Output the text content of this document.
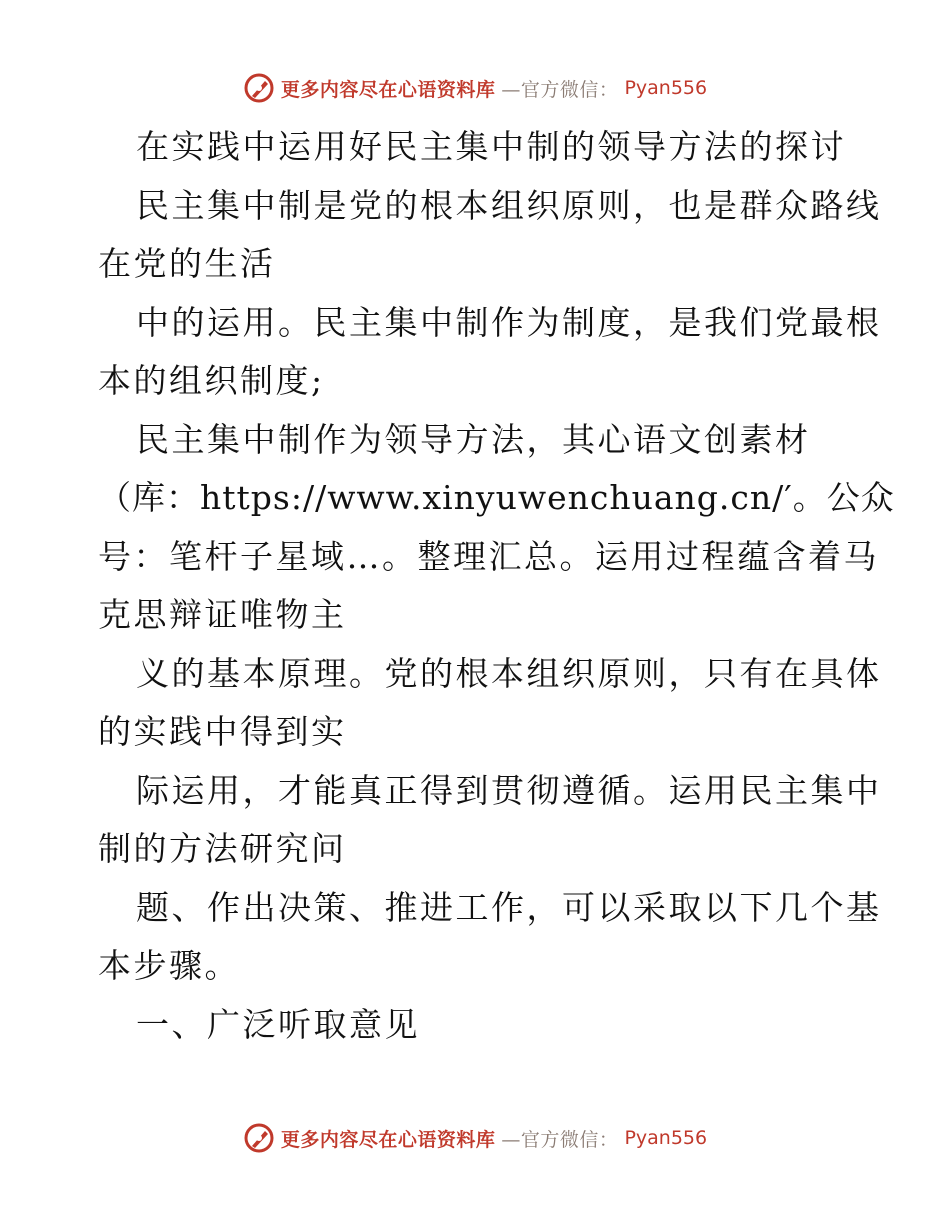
更多内容尽在心语资料库 —官方微信： Pyan556
在实践中运用好民主集中制的领导方法的探讨
民主集中制是党的根本组织原则，也是群众路线
在党的生活
中的运用。民主集中制作为制度，是我们党最根
本的组织制度;
民主集中制作为领导方法，其心语文创素材
（库：https://www.xinyuwenchuang.cn/′。公众
号：笔杆子星域…。整理汇总。运用过程蕴含着马
克思辩证唯物主
义的基本原理。党的根本组织原则，只有在具体
的实践中得到实
际运用，才能真正得到贯彻遵循。运用民主集中
制的方法研究问
题、作出决策、推进工作，可以采取以下几个基
本步骤。
一、广泛听取意见
更多内容尽在心语资料库 —官方微信： Pyan556
